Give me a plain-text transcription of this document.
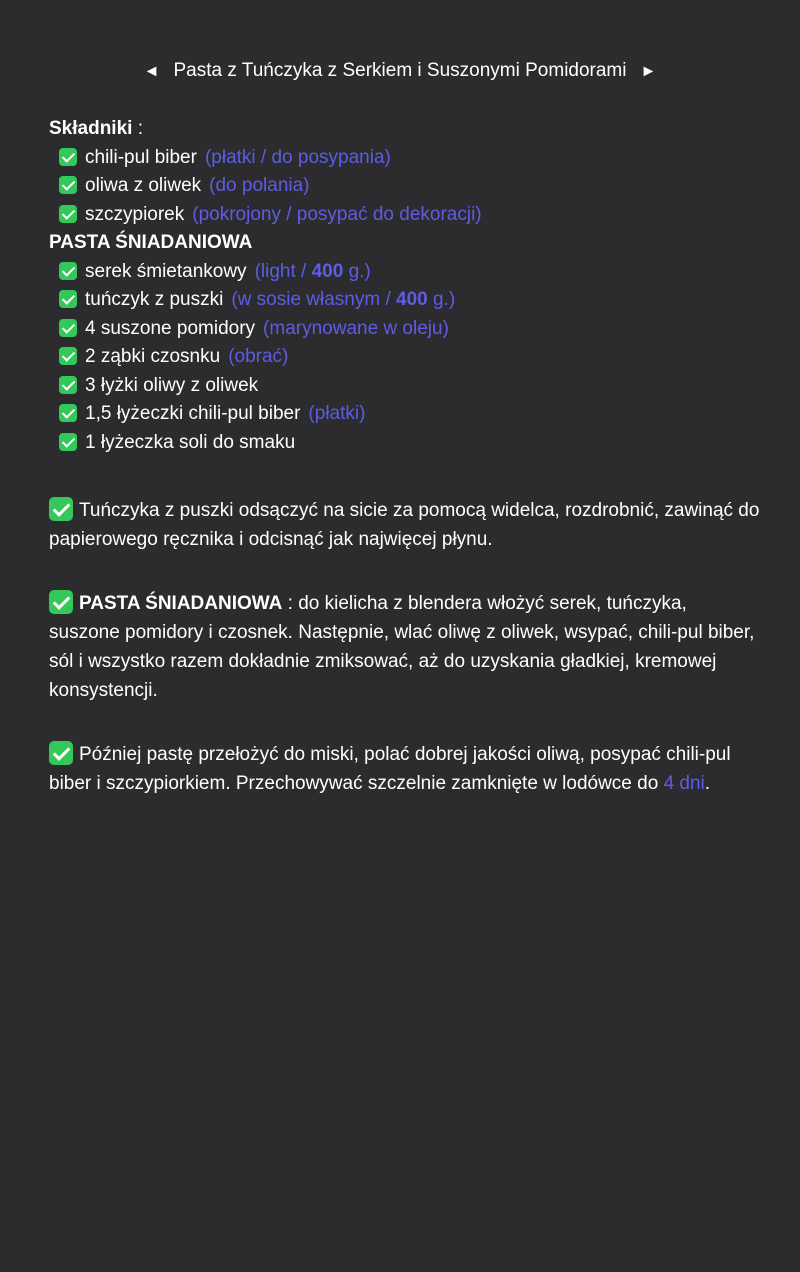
◄ Pasta z Tuńczyka z Serkiem i Suszonymi Pomidorami ►
Składniki :
chili-pul biber (płatki / do posypania)
oliwa z oliwek (do polania)
szczypiorek (pokrojony / posypać do dekoracji)
PASTA ŚNIADANIOWA
serek śmietankowy (light / 400 g.)
tuńczyk z puszki (w sosie własnym / 400 g.)
4 suszone pomidory (marynowane w oleju)
2 ząbki czosnku (obrać)
3 łyżki oliwy z oliwek
1,5 łyżeczki chili-pul biber (płatki)
1 łyżeczka soli do smaku

Tuńczyka z puszki odsączyć na sicie za pomocą widelca, rozdrobnić, zawinąć do papierowego ręcznika i odcisnąć jak najwięcej płynu.

PASTA ŚNIADANIOWA : do kielicha z blendera włożyć serek, tuńczyka, suszone pomidory i czosnek. Następnie, wlać oliwę z oliwek, wsypać, chili-pul biber, sól i wszystko razem dokładnie zmiksować, aż do uzyskania gładkiej, kremowej konsystencji.

Później pastę przełożyć do miski, polać dobrej jakości oliwą, posypać chili-pul biber i szczypiorkiem. Przechowywać szczelnie zamknięte w lodówce do 4 dni.
